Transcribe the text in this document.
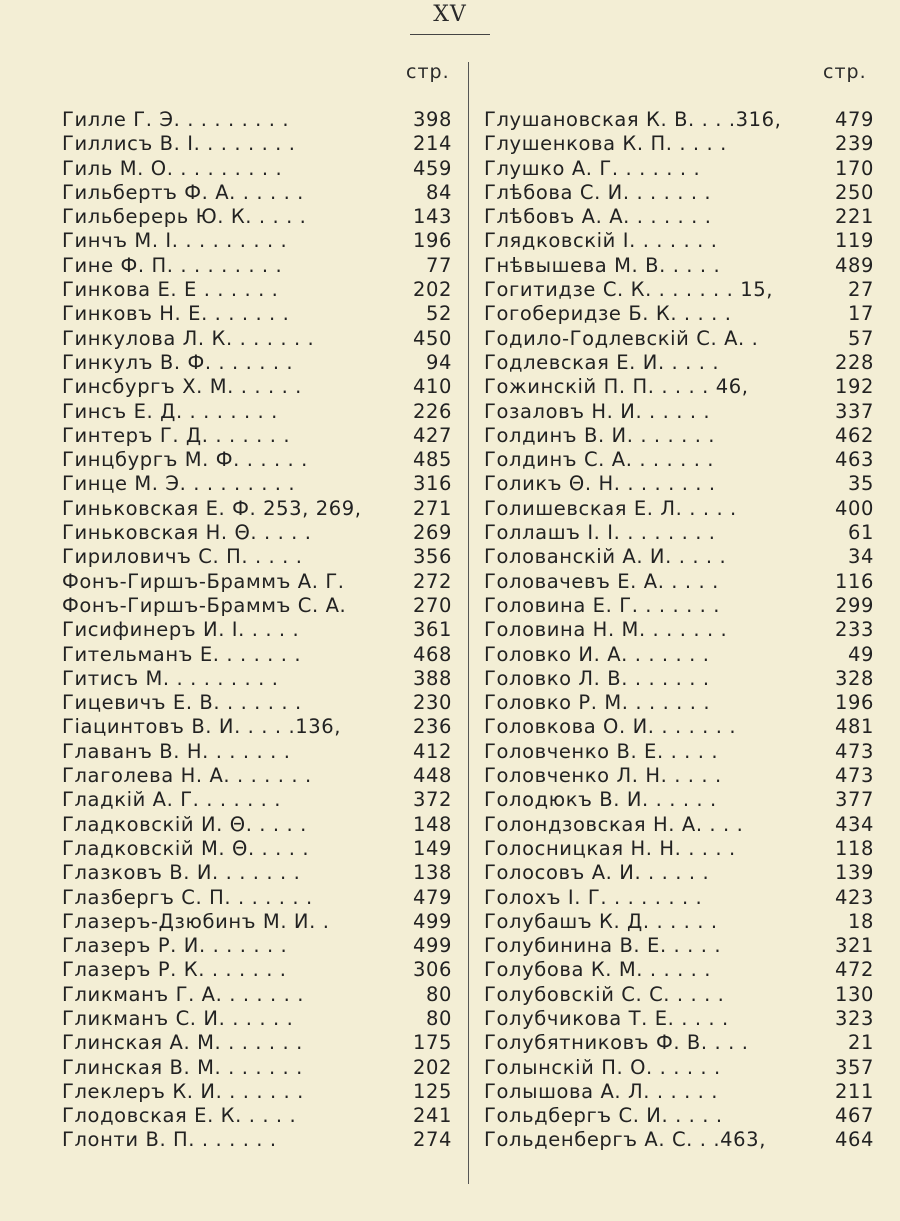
XV
стр.	стр.
Гилле Г. Э. . . . . . . . .	398
Гиллисъ В. І. . . . . . . .	214
Гиль М. О. . . . . . . . .	459
Гильбертъ Ф. А. . . . . .	84
Гильберерь Ю. К. . . . .	143
Гинчъ М. І. . . . . . . . .	196
Гине Ф. П. . . . . . . . .	77
Гинкова Е. Е . . . . . .	202
Гинковъ Н. Е. . . . . . .	52
Гинкулова Л. К. . . . . . .	450
Гинкулъ В. Ф. . . . . . .	94
Гинсбургъ Х. М. . . . . .	410
Гинсъ Е. Д. . . . . . . .	226
Гинтеръ Г. Д. . . . . . .	427
Гинцбургъ М. Ф. . . . . .	485
Гинце М. Э. . . . . . . . .	316
Гиньковская Е. Ф. 253, 269,	271
Гиньковская Н. Θ. . . . .	269
Гириловичъ С. П. . . . .	356
Фонъ-Гиршъ-Браммъ А. Г.	272
Фонъ-Гиршъ-Браммъ С. А.	270
Гисифинеръ И. І. . . . .	361
Гительманъ Е. . . . . . .	468
Гитисъ М. . . . . . . . .	388
Гицевичъ Е. В. . . . . . .	230
Гіацинтовъ В. И. . . . .136,	236
Главанъ В. Н. . . . . . .	412
Глаголева Н. А. . . . . . .	448
Гладкій А. Г. . . . . . .	372
Гладковскій И. Θ. . . . .	148
Гладковскій М. Θ. . . . .	149
Глазковъ В. И. . . . . . .	138
Глазбергъ С. П. . . . . . .	479
Глазеръ-Дзюбинъ М. И. .	499
Глазеръ Р. И. . . . . . .	499
Глазеръ Р. К. . . . . . .	306
Гликманъ Г. А. . . . . . .	80
Гликманъ С. И. . . . . .	80
Глинская А. М. . . . . . .	175
Глинская В. М. . . . . . .	202
Глеклеръ К. И. . . . . . .	125
Глодовская Е. К. . . . .	241
Глонти В. П. . . . . . .	274
Глушановская К. В. . . .316,	479
Глушенкова К. П. . . . .	239
Глушко А. Г. . . . . . .	170
Глѣбова С. И. . . . . . .	250
Глѣбовъ А. А. . . . . . .	221
Глядковскій І. . . . . . .	119
Гнѣвышева М. В. . . . .	489
Гогитидзе С. К. . . . . . . 15,	27
Гогоберидзе Б. К. . . . .	17
Годило-Годлевскій С. А. .	57
Годлевская Е. И. . . . .	228
Гожинскій П. П. . . . . 46,	192
Гозаловъ Н. И. . . . . .	337
Голдинъ В. И. . . . . . .	462
Голдинъ С. А. . . . . . .	463
Голикъ Θ. Н. . . . . . . .	35
Голишевская Е. Л. . . . .	400
Голлашъ І. І. . . . . . . .	61
Голованскій А. И. . . . .	34
Головачевъ Е. А. . . . .	116
Головина Е. Г. . . . . . .	299
Головина Н. М. . . . . . .	233
Головко И. А. . . . . . .	49
Головко Л. В. . . . . . .	328
Головко Р. М. . . . . . .	196
Головкова О. И. . . . . . .	481
Головченко В. Е. . . . .	473
Головченко Л. Н. . . . .	473
Голодюкъ В. И. . . . . .	377
Голондзовская Н. А. . . .	434
Голосницкая Н. Н. . . . .	118
Голосовъ А. И. . . . . .	139
Голохъ І. Г. . . . . . . .	423
Голубашъ К. Д. . . . . .	18
Голубинина В. Е. . . . .	321
Голубова К. М. . . . . .	472
Голубовскій С. С. . . . .	130
Голубчикова Т. Е. . . . .	323
Голубятниковъ Ф. В. . . .	21
Голынскій П. О. . . . . .	357
Голышова А. Л. . . . . .	211
Гольдбергъ С. И. . . . .	467
Гольденбергъ А. С. . .463,	464
